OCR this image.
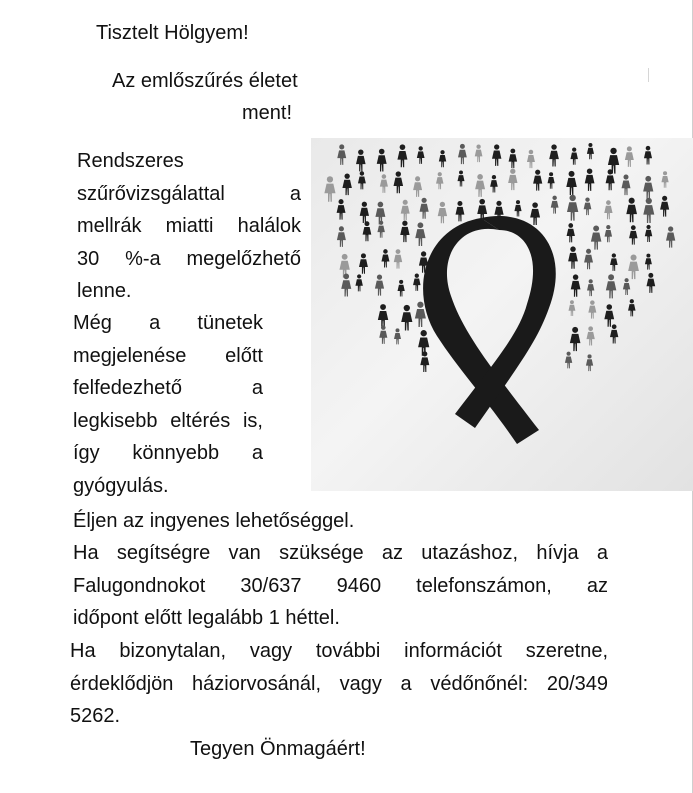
Tisztelt Hölgyem!
Az emlőszűrés életet
ment!
Rendszeres
szűrővizsgálattal a
mellrák miatti halálok
30 %-a megelőzhető
lenne.
Még a tünetek
megjelenése előtt
felfedezhető a
legkisebb eltérés is,
így könnyebb a
gyógyulás.
Éljen az ingyenes lehetőséggel.
Ha segítségre van szüksége az utazáshoz, hívja a
Falugondnokot 30/637 9460 telefonszámon, az
időpont előtt legalább 1 héttel.
Ha bizonytalan, vagy további információt szeretne,
érdeklődjön háziorvosánál, vagy a védőnőnél: 20/349
5262.
Tegyen Önmagáért!
